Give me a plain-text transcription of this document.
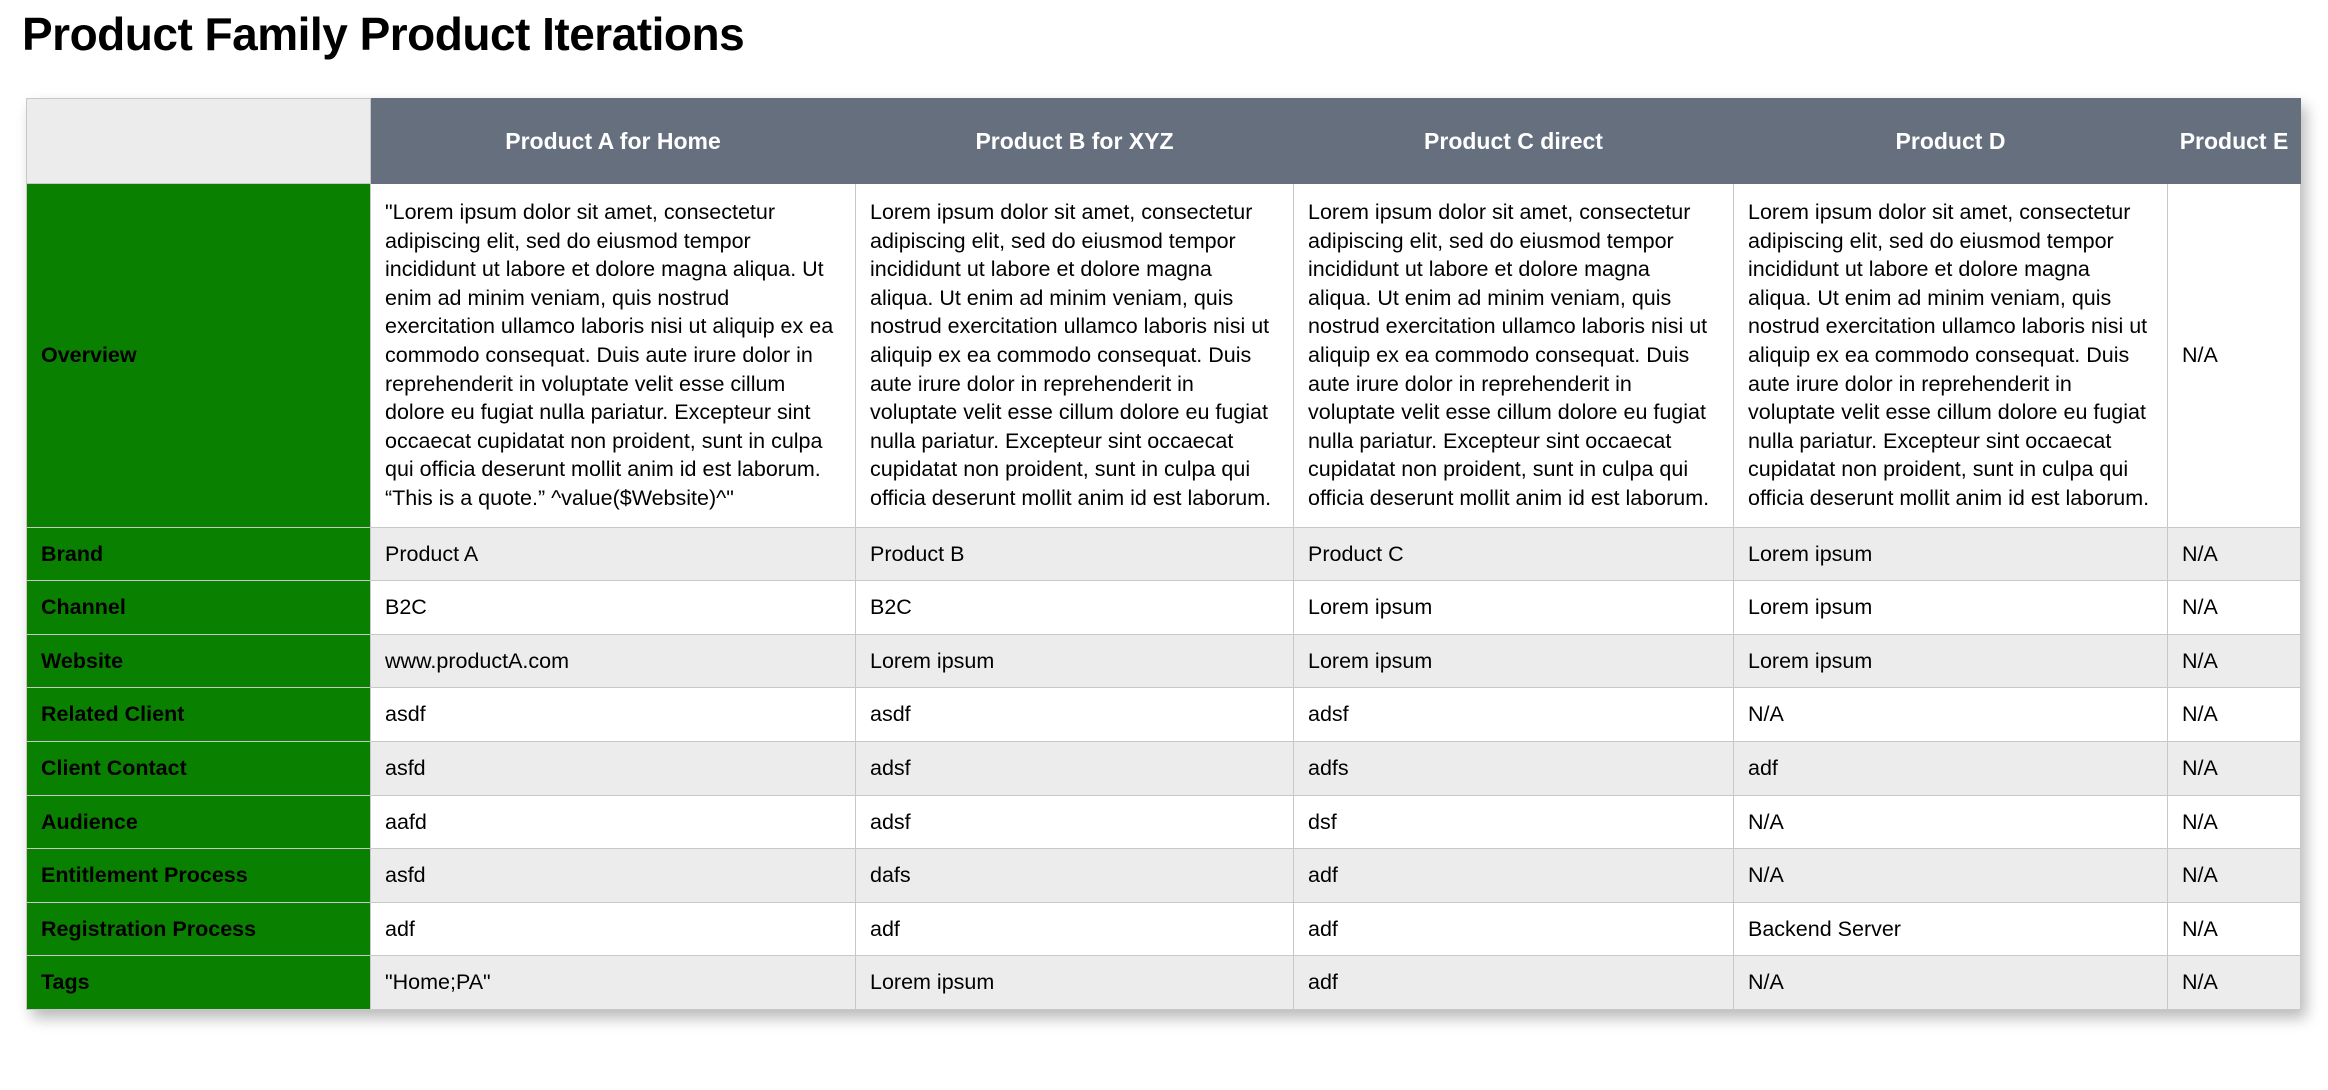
Product Family Product Iterations
	Product A for Home	Product B for XYZ	Product C direct	Product D	Product E
Overview	"Lorem ipsum dolor sit amet, consectetur adipiscing elit, sed do eiusmod tempor incididunt ut labore et dolore magna aliqua. Ut enim ad minim veniam, quis nostrud exercitation ullamco laboris nisi ut aliquip ex ea commodo consequat. Duis aute irure dolor in reprehenderit in voluptate velit esse cillum dolore eu fugiat nulla pariatur. Excepteur sint occaecat cupidatat non proident, sunt in culpa qui officia deserunt mollit anim id est laborum. “This is a quote.” ^value($Website)^"	Lorem ipsum dolor sit amet, consectetur adipiscing elit, sed do eiusmod tempor incididunt ut labore et dolore magna aliqua. Ut enim ad minim veniam, quis nostrud exercitation ullamco laboris nisi ut aliquip ex ea commodo consequat. Duis aute irure dolor in reprehenderit in voluptate velit esse cillum dolore eu fugiat nulla pariatur. Excepteur sint occaecat cupidatat non proident, sunt in culpa qui officia deserunt mollit anim id est laborum.	Lorem ipsum dolor sit amet, consectetur adipiscing elit, sed do eiusmod tempor incididunt ut labore et dolore magna aliqua. Ut enim ad minim veniam, quis nostrud exercitation ullamco laboris nisi ut aliquip ex ea commodo consequat. Duis aute irure dolor in reprehenderit in voluptate velit esse cillum dolore eu fugiat nulla pariatur. Excepteur sint occaecat cupidatat non proident, sunt in culpa qui officia deserunt mollit anim id est laborum.	Lorem ipsum dolor sit amet, consectetur adipiscing elit, sed do eiusmod tempor incididunt ut labore et dolore magna aliqua. Ut enim ad minim veniam, quis nostrud exercitation ullamco laboris nisi ut aliquip ex ea commodo consequat. Duis aute irure dolor in reprehenderit in voluptate velit esse cillum dolore eu fugiat nulla pariatur. Excepteur sint occaecat cupidatat non proident, sunt in culpa qui officia deserunt mollit anim id est laborum.	N/A
Brand	Product A	Product B	Product C	Lorem ipsum	N/A
Channel	B2C	B2C	Lorem ipsum	Lorem ipsum	N/A
Website	www.productA.com	Lorem ipsum	Lorem ipsum	Lorem ipsum	N/A
Related Client	asdf	asdf	adsf	N/A	N/A
Client Contact	asfd	adsf	adfs	adf	N/A
Audience	aafd	adsf	dsf	N/A	N/A
Entitlement Process	asfd	dafs	adf	N/A	N/A
Registration Process	adf	adf	adf	Backend Server	N/A
Tags	"Home;PA"	Lorem ipsum	adf	N/A	N/A
